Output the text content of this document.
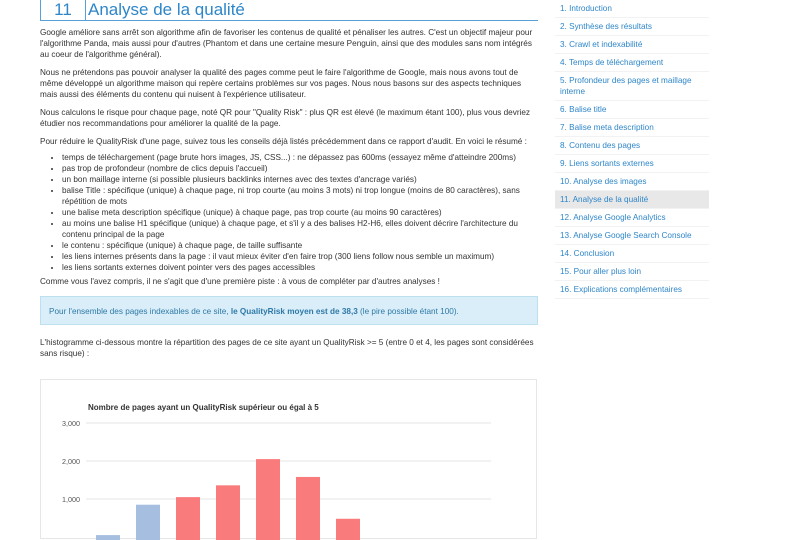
11 Analyse de la qualité

Google améliore sans arrêt son algorithme afin de favoriser les contenus de qualité et pénaliser les autres. C'est un objectif majeur pour l'algorithme Panda, mais aussi pour d'autres (Phantom et dans une certaine mesure Penguin, ainsi que des modules sans nom intégrés au coeur de l'algorithme général).

Nous ne prétendons pas pouvoir analyser la qualité des pages comme peut le faire l'algorithme de Google, mais nous avons tout de même développé un algorithme maison qui repère certains problèmes sur vos pages. Nous nous basons sur des aspects techniques mais aussi des éléments du contenu qui nuisent à l'expérience utilisateur.

Nous calculons le risque pour chaque page, noté QR pour "Quality Risk" : plus QR est élevé (le maximum étant 100), plus vous devriez étudier nos recommandations pour améliorer la qualité de la page.

Pour réduire le QualityRisk d'une page, suivez tous les conseils déjà listés précédemment dans ce rapport d'audit. En voici le résumé :

• temps de téléchargement (page brute hors images, JS, CSS...) : ne dépassez pas 600ms (essayez même d'atteindre 200ms)
• pas trop de profondeur (nombre de clics depuis l'accueil)
• un bon maillage interne (si possible plusieurs backlinks internes avec des textes d'ancrage variés)
• balise Title : spécifique (unique) à chaque page, ni trop courte (au moins 3 mots) ni trop longue (moins de 80 caractères), sans répétition de mots
• une balise meta description spécifique (unique) à chaque page, pas trop courte (au moins 90 caractères)
• au moins une balise H1 spécifique (unique) à chaque page, et s'il y a des balises H2-H6, elles doivent décrire l'architecture du contenu principal de la page
• le contenu : spécifique (unique) à chaque page, de taille suffisante
• les liens internes présents dans la page : il vaut mieux éviter d'en faire trop (300 liens follow nous semble un maximum)
• les liens sortants externes doivent pointer vers des pages accessibles

Comme vous l'avez compris, il ne s'agit que d'une première piste : à vous de compléter par d'autres analyses !

Pour l'ensemble des pages indexables de ce site, le QualityRisk moyen est de 38,3 (le pire possible étant 100).

L'histogramme ci-dessous montre la répartition des pages de ce site ayant un QualityRisk >= 5 (entre 0 et 4, les pages sont considérées sans risque) :

Nombre de pages ayant un QualityRisk supérieur ou égal à 5
3,000
2,000
1,000
1. Introduction
2. Synthèse des résultats
3. Crawl et indexabilité
4. Temps de téléchargement
5. Profondeur des pages et maillage interne
6. Balise title
7. Balise meta description
8. Contenu des pages
9. Liens sortants externes
10. Analyse des images
11. Analyse de la qualité
12. Analyse Google Analytics
13. Analyse Google Search Console
14. Conclusion
15. Pour aller plus loin
16. Explications complémentaires
